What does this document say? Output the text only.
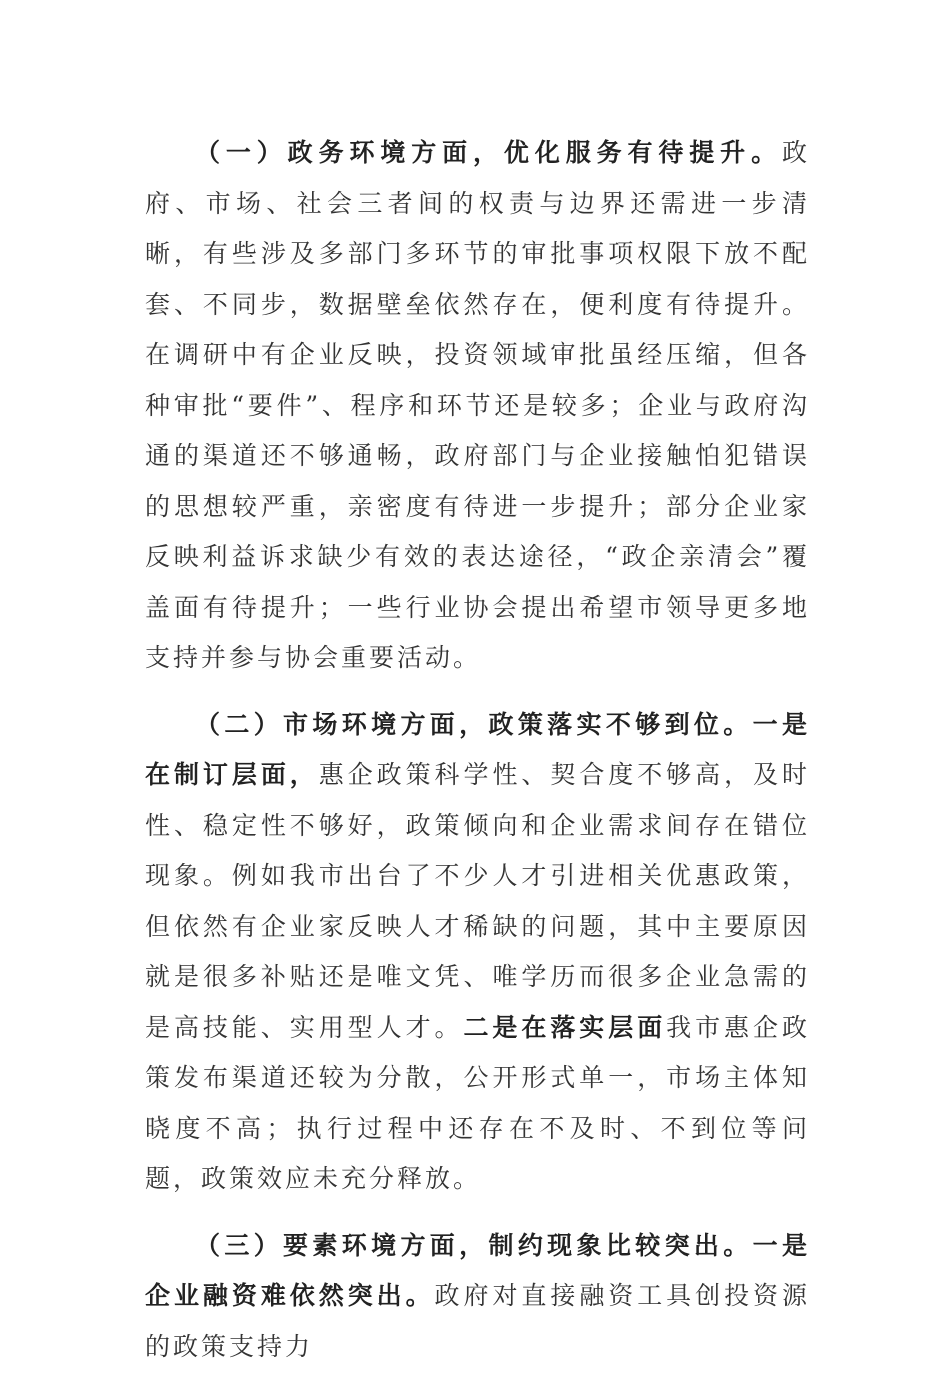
（一）政务环境方面，优化服务有待提升。政府、市场、社会三者间的权责与边界还需进一步清晰，有些涉及多部门多环节的审批事项权限下放不配套、不同步，数据壁垒依然存在，便利度有待提升。在调研中有企业反映，投资领域审批虽经压缩，但各种审批“要件”、程序和环节还是较多；企业与政府沟通的渠道还不够通畅，政府部门与企业接触怕犯错误的思想较严重，亲密度有待进一步提升；部分企业家反映利益诉求缺少有效的表达途径，“政企亲清会”覆盖面有待提升；一些行业协会提出希望市领导更多地支持并参与协会重要活动。

（二）市场环境方面，政策落实不够到位。一是在制订层面，惠企政策科学性、契合度不够高，及时性、稳定性不够好，政策倾向和企业需求间存在错位现象。例如我市出台了不少人才引进相关优惠政策，但依然有企业家反映人才稀缺的问题，其中主要原因就是很多补贴还是唯文凭、唯学历而很多企业急需的是高技能、实用型人才。二是在落实层面我市惠企政策发布渠道还较为分散，公开形式单一，市场主体知晓度不高；执行过程中还存在不及时、不到位等问题，政策效应未充分释放。

（三）要素环境方面，制约现象比较突出。一是企业融资难依然突出。政府对直接融资工具创投资源的政策支持力
